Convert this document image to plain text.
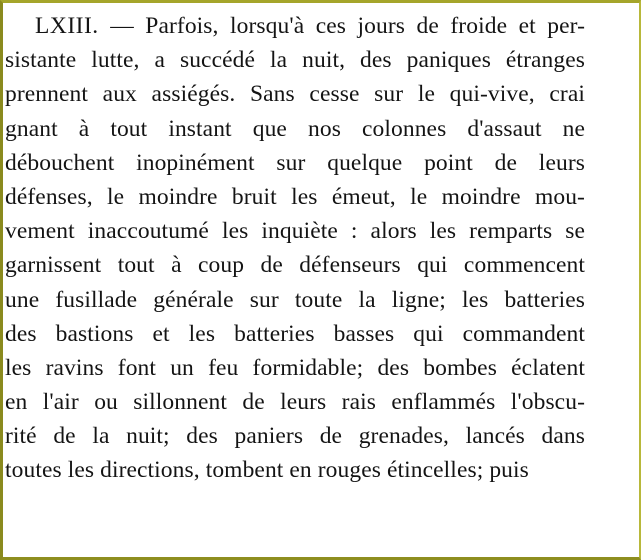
LXIII. — Parfois, lorsqu'à ces jours de froide et per-
sistante lutte, a succédé la nuit, des paniques étranges
prennent aux assiégés. Sans cesse sur le qui-vive, crai
gnant à tout instant que nos colonnes d'assaut ne
débouchent inopinément sur quelque point de leurs
défenses, le moindre bruit les émeut, le moindre mou-
vement inaccoutumé les inquiète : alors les remparts se
garnissent tout à coup de défenseurs qui commencent
une fusillade générale sur toute la ligne; les batteries
des bastions et les batteries basses qui commandent
les ravins font un feu formidable; des bombes éclatent
en l'air ou sillonnent de leurs rais enflammés l'obscu-
rité de la nuit; des paniers de grenades, lancés dans
toutes les directions, tombent en rouges étincelles; puis
